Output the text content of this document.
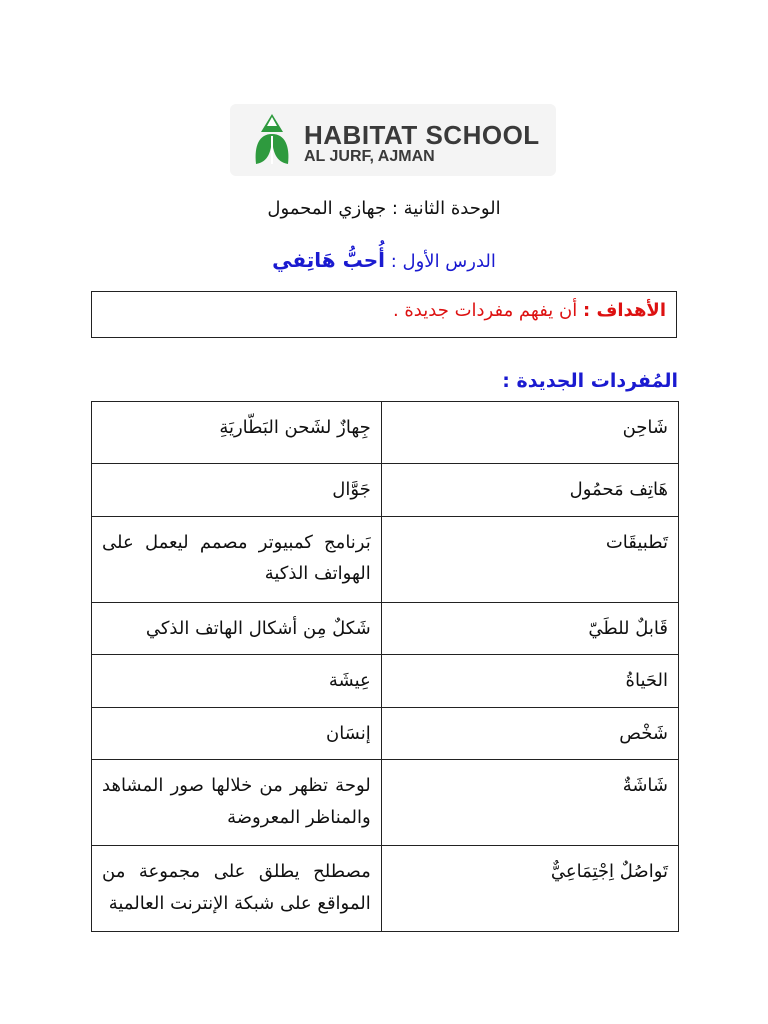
HABITAT SCHOOL
AL JURF, AJMAN
الوحدة الثانية : جهازي المحمول
الدرس الأول : أُحبُّ هَاتِفي
الأهداف : أن يفهم مفردات جديدة .
المُفردات الجديدة :
شَاحِن	جِهازٌ لشَحن البَطّاريَةِ
هَاتِف مَحمُول	جَوَّال
تَطبيقَات	بَرنامج كمبيوتر مصمم ليعمل على الهواتف الذكية
قَابلٌ للطَيّ	شَكلٌ مِن أشكال الهاتف الذكي
الحَياةُ	عِيشَة
شَخْص	إنسَان
شَاشَةٌ	لوحة تظهر من خلالها صور المشاهد والمناظر المعروضة
تَواصُلٌ اِجْتِمَاعِيٌّ	مصطلح يطلق على مجموعة من المواقع على شبكة الإنترنت العالمية
